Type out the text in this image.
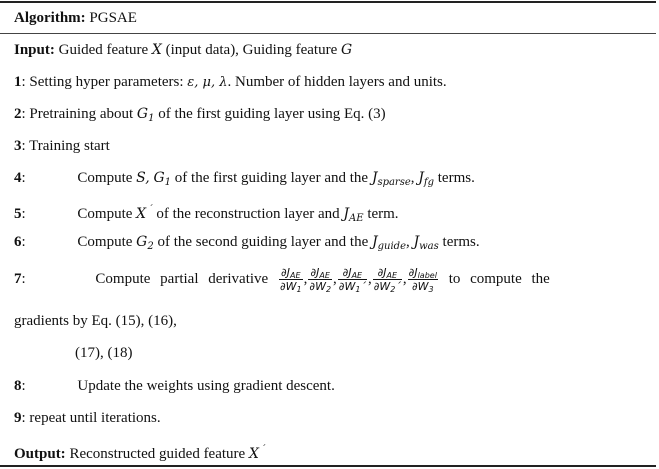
Algorithm: PGSAE
Input: Guided feature X (input data), Guiding feature G
1: Setting hyper parameters: ε, μ, λ. Number of hidden layers and units.
2: Pretraining about $G_1$ of the first guiding layer using Eq. (3)
3: Training start
4:	Compute S, $G_1$ of the first guiding layer and the $J_{sparse}$, $J_{fg}$ terms.
5:	Compute X ´ of the reconstruction layer and $J_{AE}$ term.
6:	Compute $G_2$ of the second guiding layer and the $J_{guide}$, $J_{was}$ terms.
7:	Compute partial derivative $\frac{\partial J_{AE}}{\partial W_1}$ , $\frac{\partial J_{AE}}{\partial W_2}$ , $\frac{\partial J_{AE}}{\partial W_1´}$ , $\frac{\partial J_{AE}}{\partial W_2´}$ , $\frac{\partial J_{label}}{\partial W_3}$ to compute the
gradients by Eq. (15), (16),
(17), (18)
8:	Update the weights using gradient descent.
9: repeat until iterations.
Output: Reconstructed guided feature X ´
